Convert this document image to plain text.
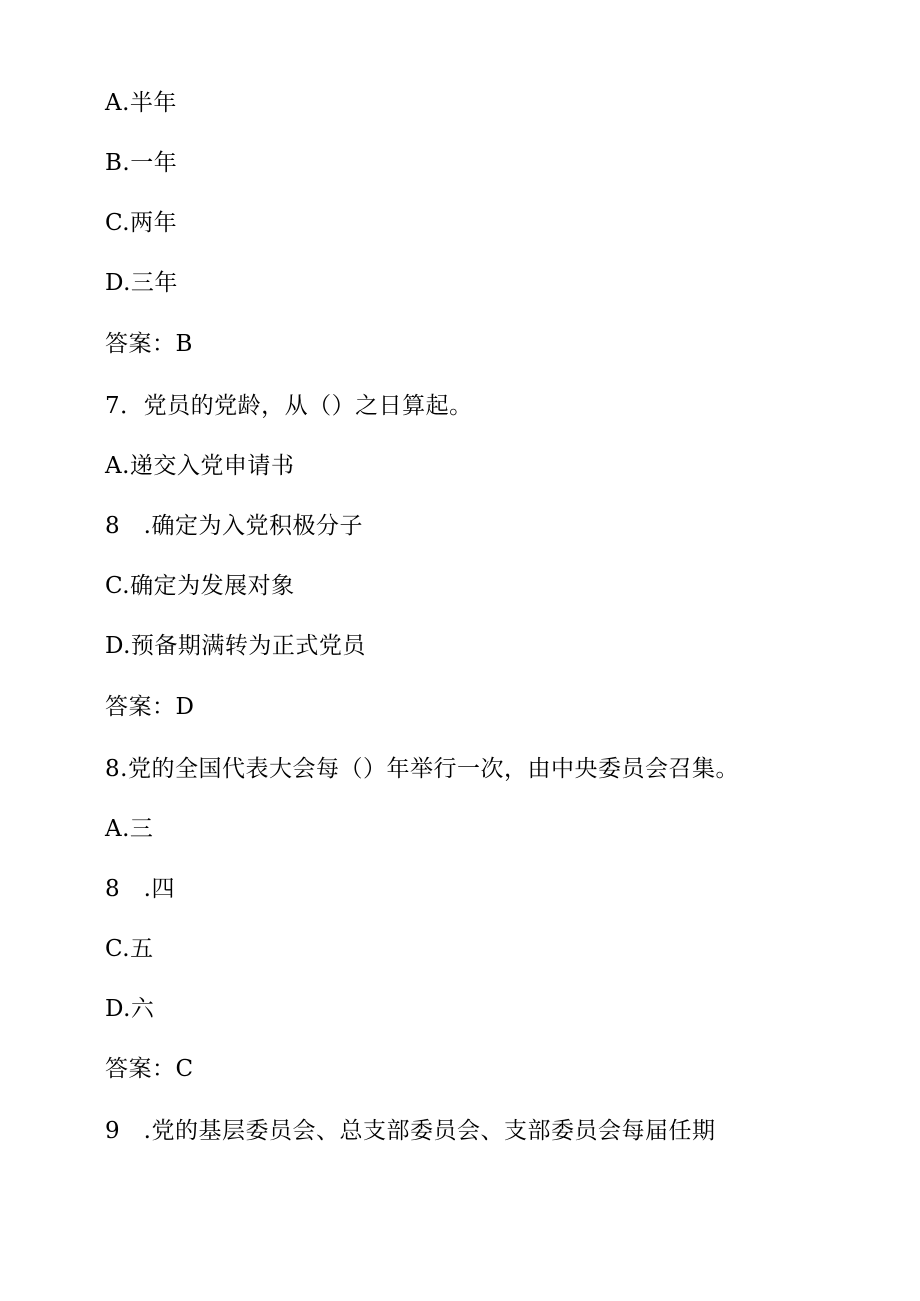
A.半年
B.一年
C.两年
D.三年
答案：B
7．党员的党龄，从（）之日算起。
A.递交入党申请书
8　.确定为入党积极分子
C.确定为发展对象
D.预备期满转为正式党员
答案：D
8.党的全国代表大会每（）年举行一次，由中央委员会召集。
A.三
8　.四
C.五
D.六
答案：C
9　.党的基层委员会、总支部委员会、支部委员会每届任期
